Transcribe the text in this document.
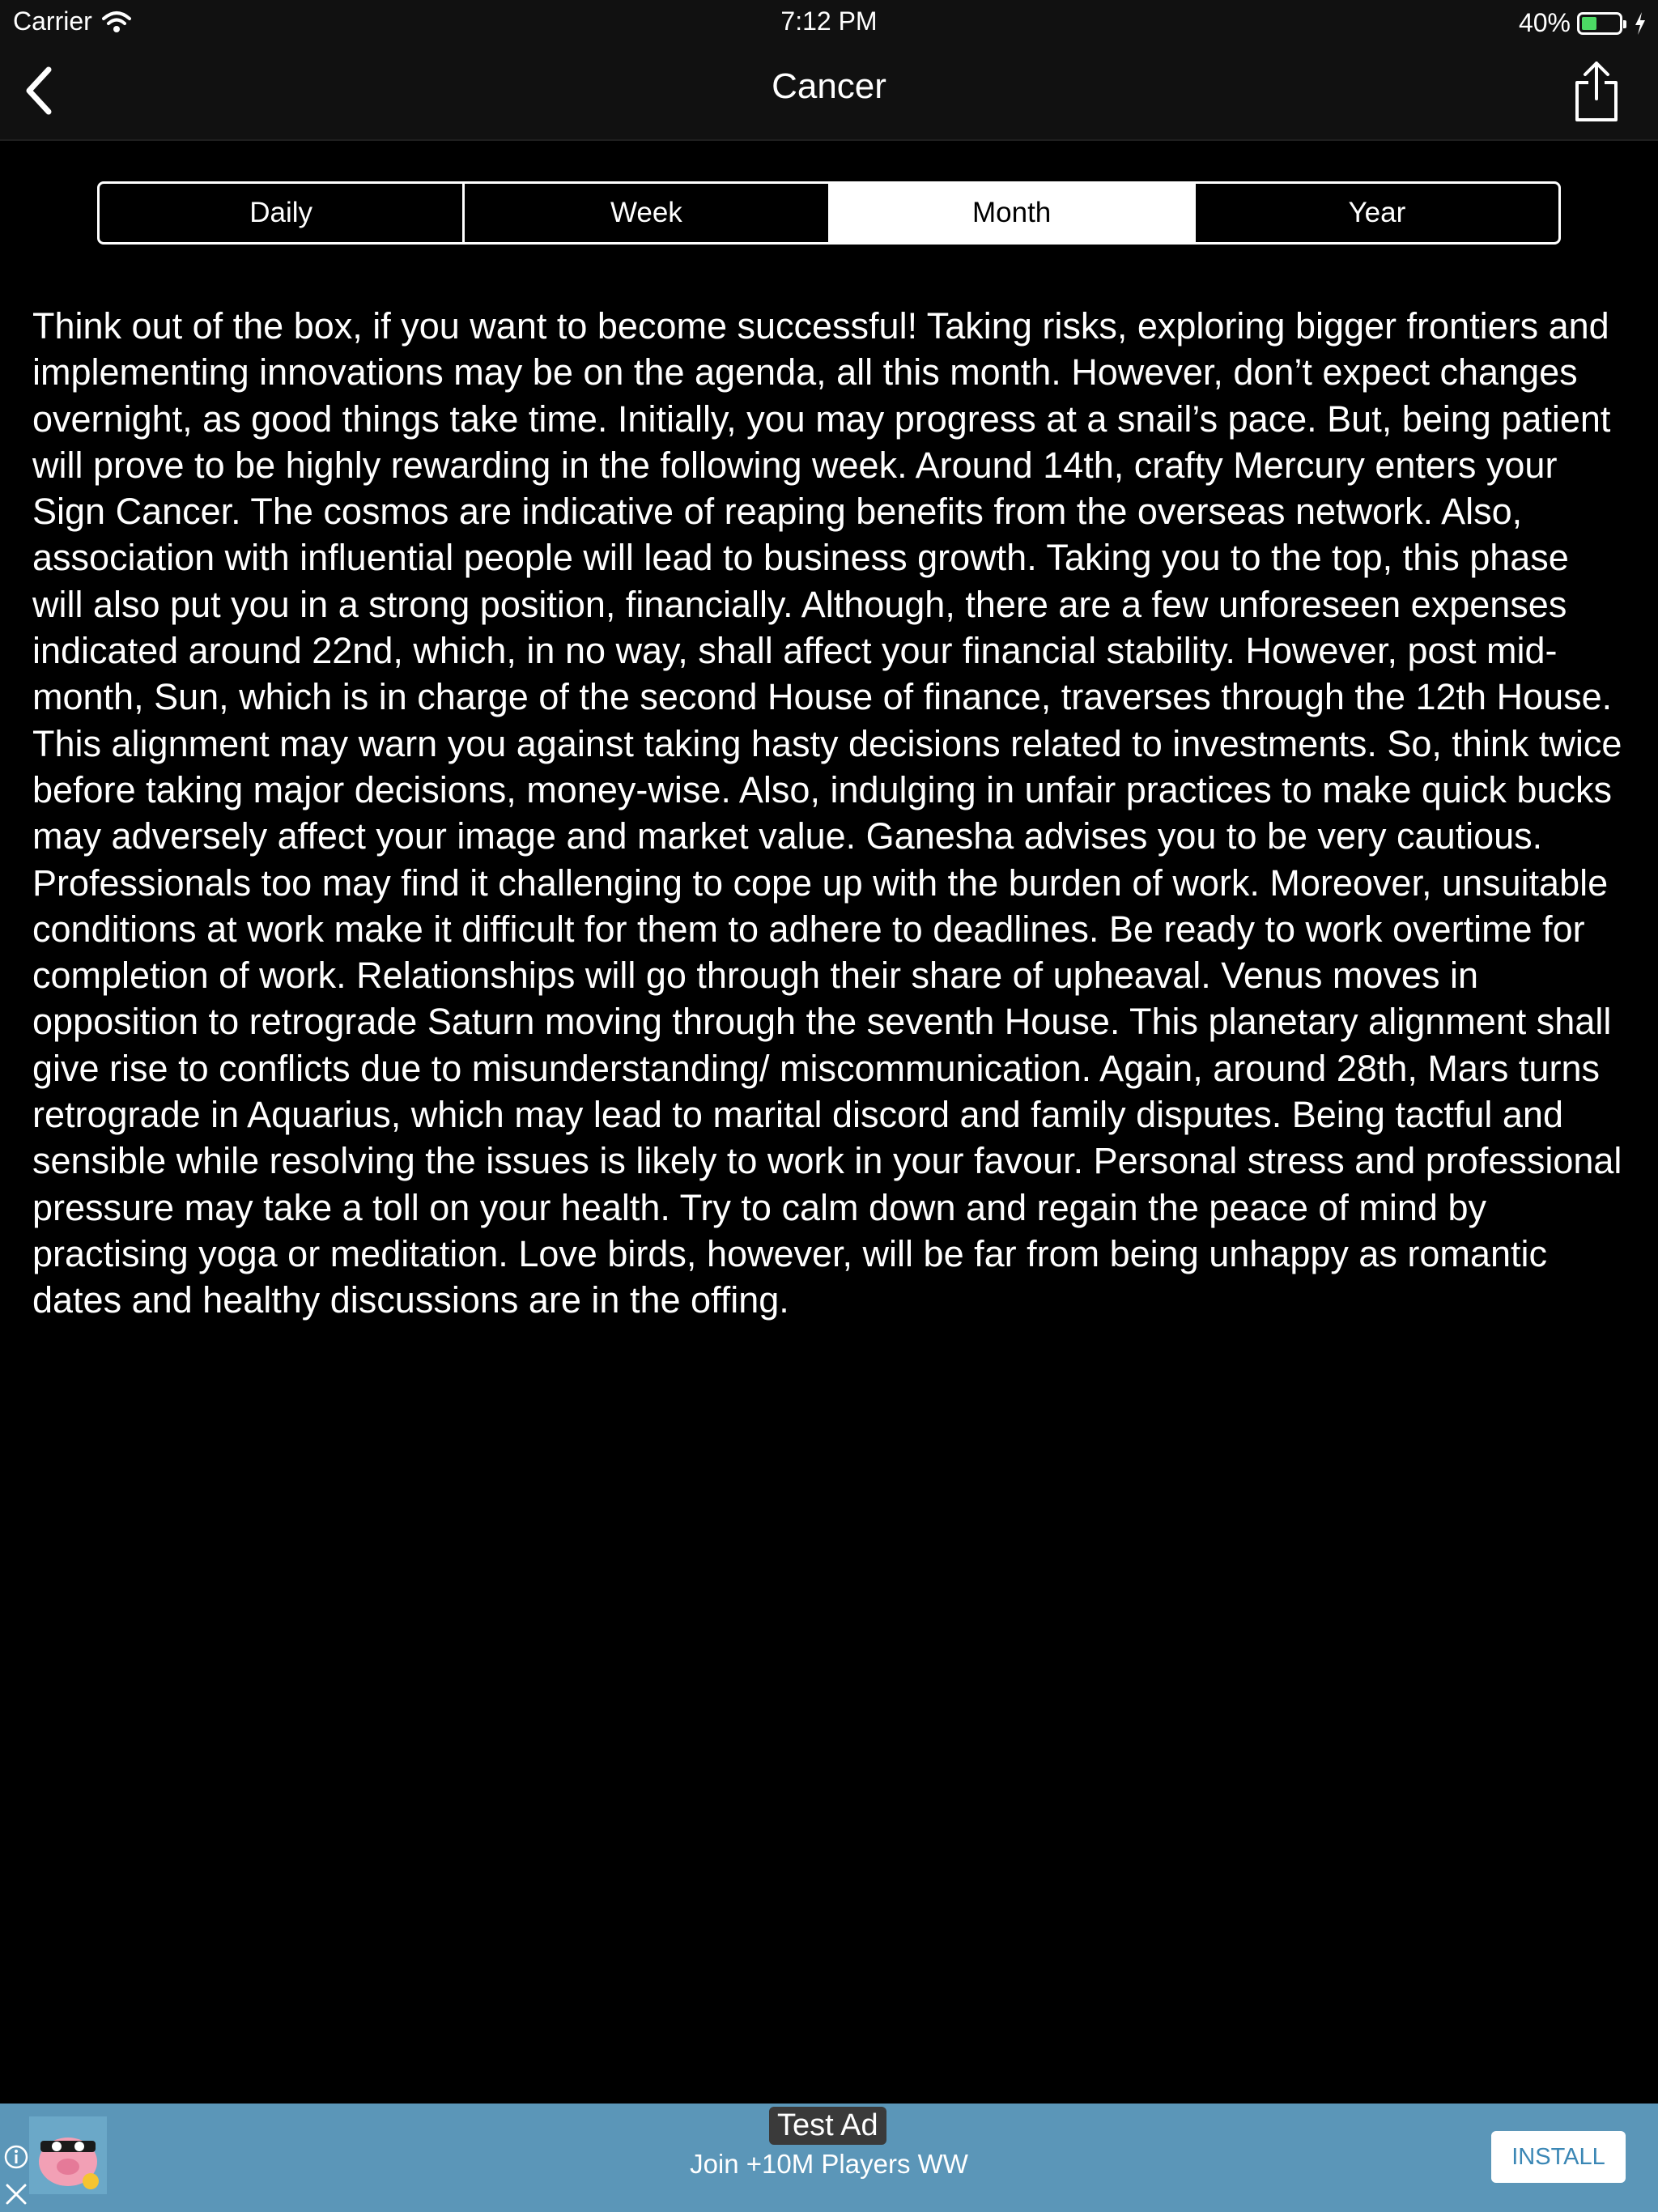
Carrier	7:12 PM	40%
Cancer
Daily	Week	Month	Year
Think out of the box, if you want to become successful! Taking risks, exploring bigger frontiers and implementing innovations may be on the agenda, all this month. However, don’t expect changes overnight, as good things take time. Initially, you may progress at a snail’s pace. But, being patient will prove to be highly rewarding in the following week. Around 14th, crafty Mercury enters your Sign Cancer. The cosmos are indicative of reaping benefits from the overseas network. Also, association with influential people will lead to business growth. Taking you to the top, this phase will also put you in a strong position, financially. Although, there are a few unforeseen expenses indicated around 22nd, which, in no way, shall affect your financial stability. However, post mid-month, Sun, which is in charge of the second House of finance, traverses through the 12th House. This alignment may warn you against taking hasty decisions related to investments. So, think twice before taking major decisions, money-wise. Also, indulging in unfair practices to make quick bucks may adversely affect your image and market value. Ganesha advises you to be very cautious. Professionals too may find it challenging to cope up with the burden of work. Moreover, unsuitable conditions at work make it difficult for them to adhere to deadlines. Be ready to work overtime for completion of work. Relationships will go through their share of upheaval. Venus moves in opposition to retrograde Saturn moving through the seventh House. This planetary alignment shall give rise to conflicts due to misunderstanding/ miscommunication. Again, around 28th, Mars turns retrograde in Aquarius, which may lead to marital discord and family disputes. Being tactful and sensible while resolving the issues is likely to work in your favour. Personal stress and professional pressure may take a toll on your health. Try to calm down and regain the peace of mind by practising yoga or meditation. Love birds, however, will be far from being unhappy as romantic dates and healthy discussions are in the offing.
Join +10M Players WW
Test Ad
INSTALL
